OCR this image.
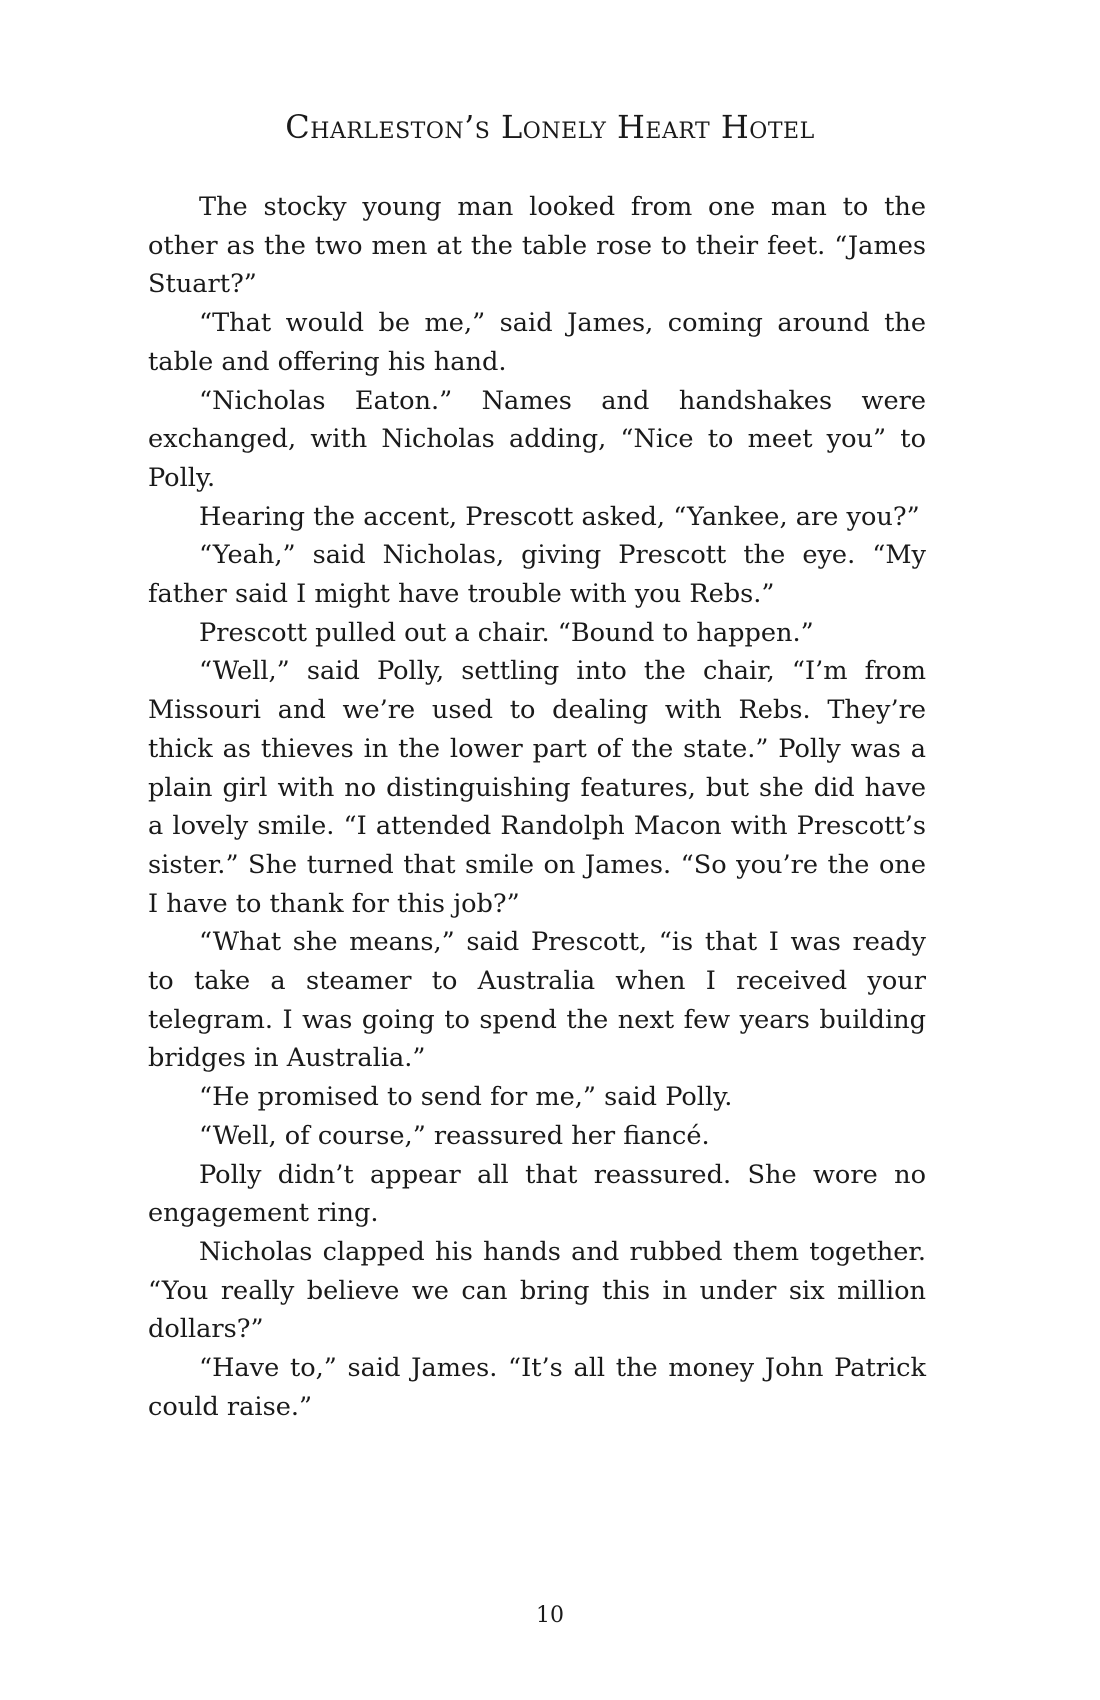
Charleston’s Lonely Heart Hotel

The stocky young man looked from one man to the other as the two men at the table rose to their feet. “James Stuart?”

“That would be me,” said James, coming around the table and offering his hand.

“Nicholas Eaton.” Names and handshakes were exchanged, with Nicholas adding, “Nice to meet you” to Polly.

Hearing the accent, Prescott asked, “Yankee, are you?”

“Yeah,” said Nicholas, giving Prescott the eye. “My father said I might have trouble with you Rebs.”

Prescott pulled out a chair. “Bound to happen.”

“Well,” said Polly, settling into the chair, “I’m from Missouri and we’re used to dealing with Rebs. They’re thick as thieves in the lower part of the state.” Polly was a plain girl with no distinguishing features, but she did have a lovely smile. “I attended Randolph Macon with Prescott’s sister.” She turned that smile on James. “So you’re the one I have to thank for this job?”

“What she means,” said Prescott, “is that I was ready to take a steamer to Australia when I received your telegram. I was going to spend the next few years building bridges in Australia.”

“He promised to send for me,” said Polly.

“Well, of course,” reassured her fiancé.

Polly didn’t appear all that reassured. She wore no engagement ring.

Nicholas clapped his hands and rubbed them together. “You really believe we can bring this in under six million dollars?”

“Have to,” said James. “It’s all the money John Patrick could raise.”

10
